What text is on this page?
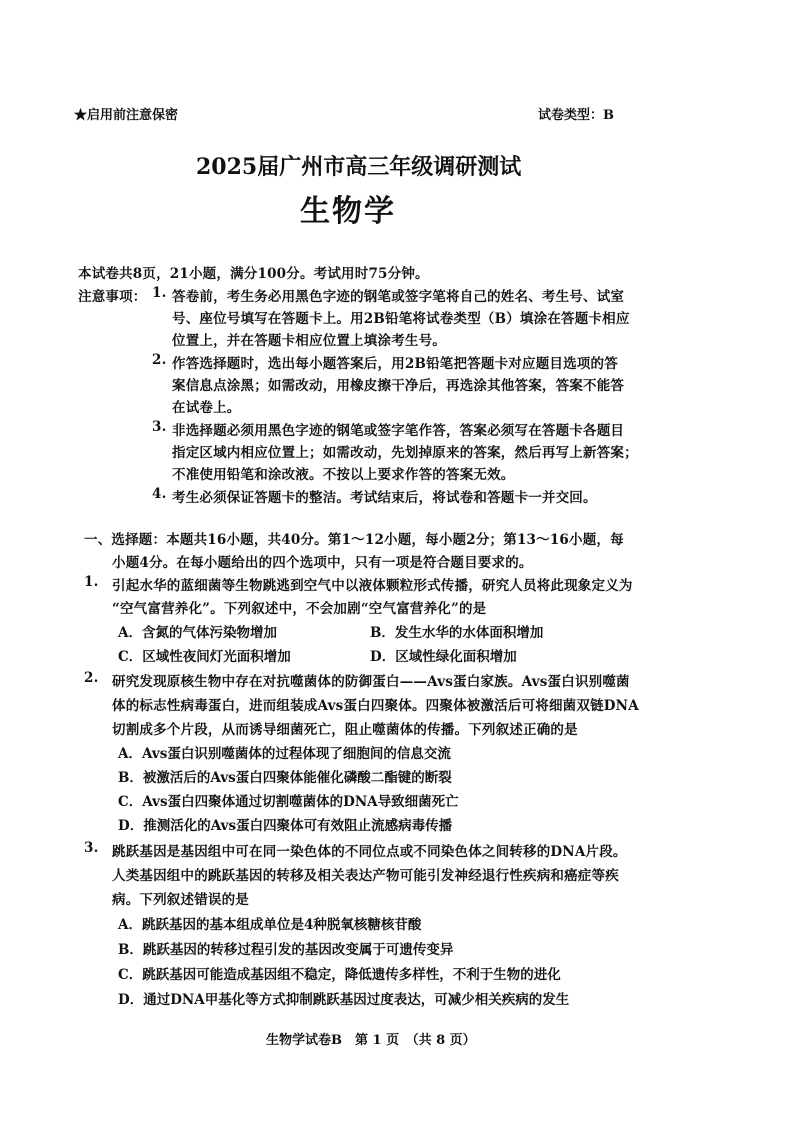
★启用前注意保密	试卷类型：B
2025届广州市高三年级调研测试
生物学
本试卷共8页，21小题，满分100分。考试用时75分钟。
注意事项： 1. 答卷前，考生务必用黑色字迹的钢笔或签字笔将自己的姓名、考生号、试室
号、座位号填写在答题卡上。用2B铅笔将试卷类型（B）填涂在答题卡相应
位置上，并在答题卡相应位置上填涂考生号。
2. 作答选择题时，选出每小题答案后，用2B铅笔把答题卡对应题目选项的答
案信息点涂黑；如需改动，用橡皮擦干净后，再选涂其他答案，答案不能答
在试卷上。
3. 非选择题必须用黑色字迹的钢笔或签字笔作答，答案必须写在答题卡各题目
指定区域内相应位置上；如需改动，先划掉原来的答案，然后再写上新答案；
不准使用铅笔和涂改液。不按以上要求作答的答案无效。
4. 考生必须保证答题卡的整洁。考试结束后，将试卷和答题卡一并交回。
一、选择题：本题共16小题，共40分。第1～12小题，每小题2分；第13～16小题，每
小题4分。在每小题给出的四个选项中，只有一项是符合题目要求的。
1. 引起水华的蓝细菌等生物跳逃到空气中以液体颗粒形式传播，研究人员将此现象定义为
“空气富营养化”。下列叙述中，不会加剧“空气富营养化”的是
A．含氮的气体污染物增加	B．发生水华的水体面积增加
C．区域性夜间灯光面积增加	D．区域性绿化面积增加
2. 研究发现原核生物中存在对抗噬菌体的防御蛋白——Avs蛋白家族。Avs蛋白识别噬菌
体的标志性病毒蛋白，进而组装成Avs蛋白四聚体。四聚体被激活后可将细菌双链DNA
切割成多个片段，从而诱导细菌死亡，阻止噬菌体的传播。下列叙述正确的是
A．Avs蛋白识别噬菌体的过程体现了细胞间的信息交流
B．被激活后的Avs蛋白四聚体能催化磷酸二酯键的断裂
C．Avs蛋白四聚体通过切割噬菌体的DNA导致细菌死亡
D．推测活化的Avs蛋白四聚体可有效阻止流感病毒传播
3. 跳跃基因是基因组中可在同一染色体的不同位点或不同染色体之间转移的DNA片段。
人类基因组中的跳跃基因的转移及相关表达产物可能引发神经退行性疾病和癌症等疾
病。下列叙述错误的是
A．跳跃基因的基本组成单位是4种脱氧核糖核苷酸
B．跳跃基因的转移过程引发的基因改变属于可遗传变异
C．跳跃基因可能造成基因组不稳定，降低遗传多样性，不利于生物的进化
D．通过DNA甲基化等方式抑制跳跃基因过度表达，可减少相关疾病的发生
生物学试卷B　第 1 页　（共 8 页）
